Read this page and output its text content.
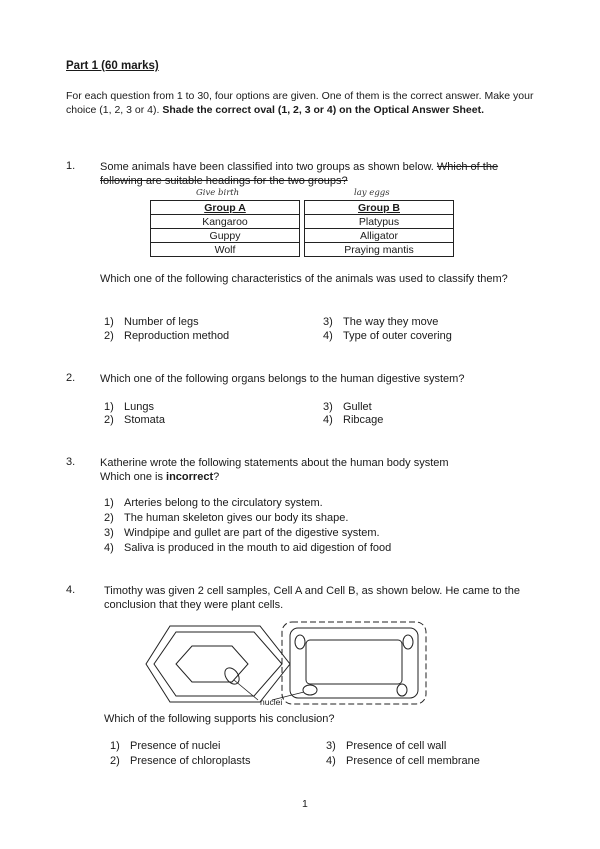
Part 1 (60 marks)
For each question from 1 to 30, four options are given. One of them is the correct answer. Make your choice (1, 2, 3 or 4). Shade the correct oval (1, 2, 3 or 4) on the Optical Answer Sheet.
1. Some animals have been classified into two groups as shown below. Which of the following are suitable headings for the two groups?
Give birth	lay eggs
Group A		Group B
Kangaroo		Platypus
Guppy		Alligator
Wolf		Praying mantis
Which one of the following characteristics of the animals was used to classify them?
1) Number of legs
2) Reproduction method
3) The way they move
4) Type of outer covering
2. Which one of the following organs belongs to the human digestive system?
1) Lungs
2) Stomata
3) Gullet
4) Ribcage
3. Katherine wrote the following statements about the human body system
Which one is incorrect?
1) Arteries belong to the circulatory system.
2) The human skeleton gives our body its shape.
3) Windpipe and gullet are part of the digestive system.
4) Saliva is produced in the mouth to aid digestion of food
4.	Timothy was given 2 cell samples, Cell A and Cell B, as shown below. He came to the conclusion that they were plant cells.
nuclei
Which of the following supports his conclusion?
1) Presence of nuclei
2) Presence of chloroplasts
3) Presence of cell wall
4) Presence of cell membrane
1
